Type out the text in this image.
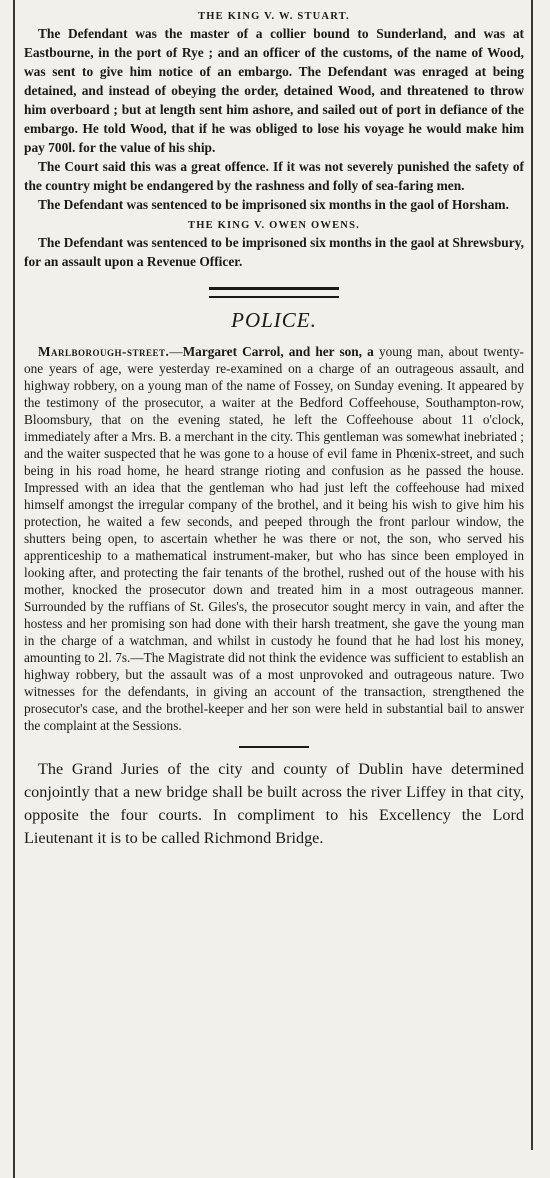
THE KING V. W. STUART.

The Defendant was the master of a collier bound to Sunderland, and was at Eastbourne, in the port of Rye ; and an officer of the customs, of the name of Wood, was sent to give him notice of an embargo. The Defendant was enraged at being detained, and instead of obeying the order, detained Wood, and threatened to throw him overboard ; but at length sent him ashore, and sailed out of port in defiance of the embargo. He told Wood, that if he was obliged to lose his voyage he would make him pay 700l. for the value of his ship.

The Court said this was a great offence. If it was not severely punished the safety of the country might be endangered by the rashness and folly of sea-faring men.

The Defendant was sentenced to be imprisoned six months in the gaol of Horsham.

THE KING V. OWEN OWENS.

The Defendant was sentenced to be imprisoned six months in the gaol at Shrewsbury, for an assault upon a Revenue Officer.

POLICE.

Marlborough-street.—Margaret Carrol, and her son, a young man, about twenty-one years of age, were yesterday re-examined on a charge of an outrageous assault, and highway robbery, on a young man of the name of Fossey, on Sunday evening. It appeared by the testimony of the prosecutor, a waiter at the Bedford Coffeehouse, Southampton-row, Bloomsbury, that on the evening stated, he left the Coffeehouse about 11 o'clock, immediately after a Mrs. B. a merchant in the city. This gentleman was somewhat inebriated ; and the waiter suspected that he was gone to a house of evil fame in Phœnix-street, and such being in his road home, he heard strange rioting and confusion as he passed the house. Impressed with an idea that the gentleman who had just left the coffeehouse had mixed himself amongst the irregular company of the brothel, and it being his wish to give him his protection, he waited a few seconds, and peeped through the front parlour window, the shutters being open, to ascertain whether he was there or not, the son, who served his apprenticeship to a mathematical instrument-maker, but who has since been employed in looking after, and protecting the fair tenants of the brothel, rushed out of the house with his mother, knocked the prosecutor down and treated him in a most outrageous manner. Surrounded by the ruffians of St. Giles's, the prosecutor sought mercy in vain, and after the hostess and her promising son had done with their harsh treatment, she gave the young man in the charge of a watchman, and whilst in custody he found that he had lost his money, amounting to 2l. 7s.—The Magistrate did not think the evidence was sufficient to establish an highway robbery, but the assault was of a most unprovoked and outrageous nature. Two witnesses for the defendants, in giving an account of the transaction, strengthened the prosecutor's case, and the brothel-keeper and her son were held in substantial bail to answer the complaint at the Sessions.

The Grand Juries of the city and county of Dublin have determined conjointly that a new bridge shall be built across the river Liffey in that city, opposite the four courts. In compliment to his Excellency the Lord Lieutenant it is to be called Richmond Bridge.
